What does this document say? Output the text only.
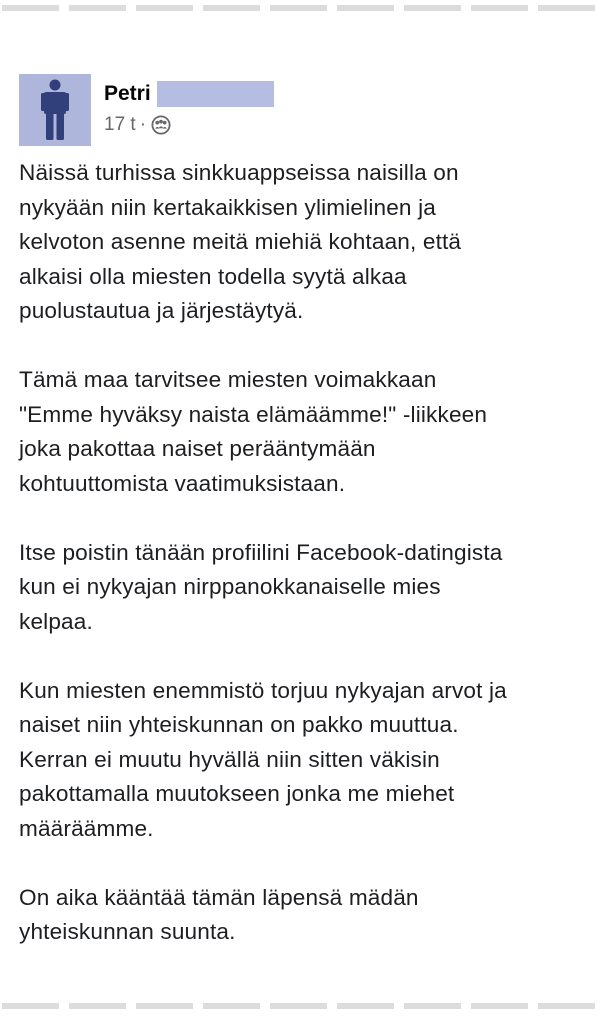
Petri
17 t ·

Näissä turhissa sinkkuappseissa naisilla on
nykyään niin kertakaikkisen ylimielinen ja
kelvoton asenne meitä miehiä kohtaan, että
alkaisi olla miesten todella syytä alkaa
puolustautua ja järjestäytyä.

Tämä maa tarvitsee miesten voimakkaan
"Emme hyväksy naista elämäämme!" -liikkeen
joka pakottaa naiset perääntymään
kohtuuttomista vaatimuksistaan.

Itse poistin tänään profiilini Facebook-datingista
kun ei nykyajan nirppanokkanaiselle mies
kelpaa.

Kun miesten enemmistö torjuu nykyajan arvot ja
naiset niin yhteiskunnan on pakko muuttua.
Kerran ei muutu hyvällä niin sitten väkisin
pakottamalla muutokseen jonka me miehet
määräämme.

On aika kääntää tämän läpensä mädän
yhteiskunnan suunta.
